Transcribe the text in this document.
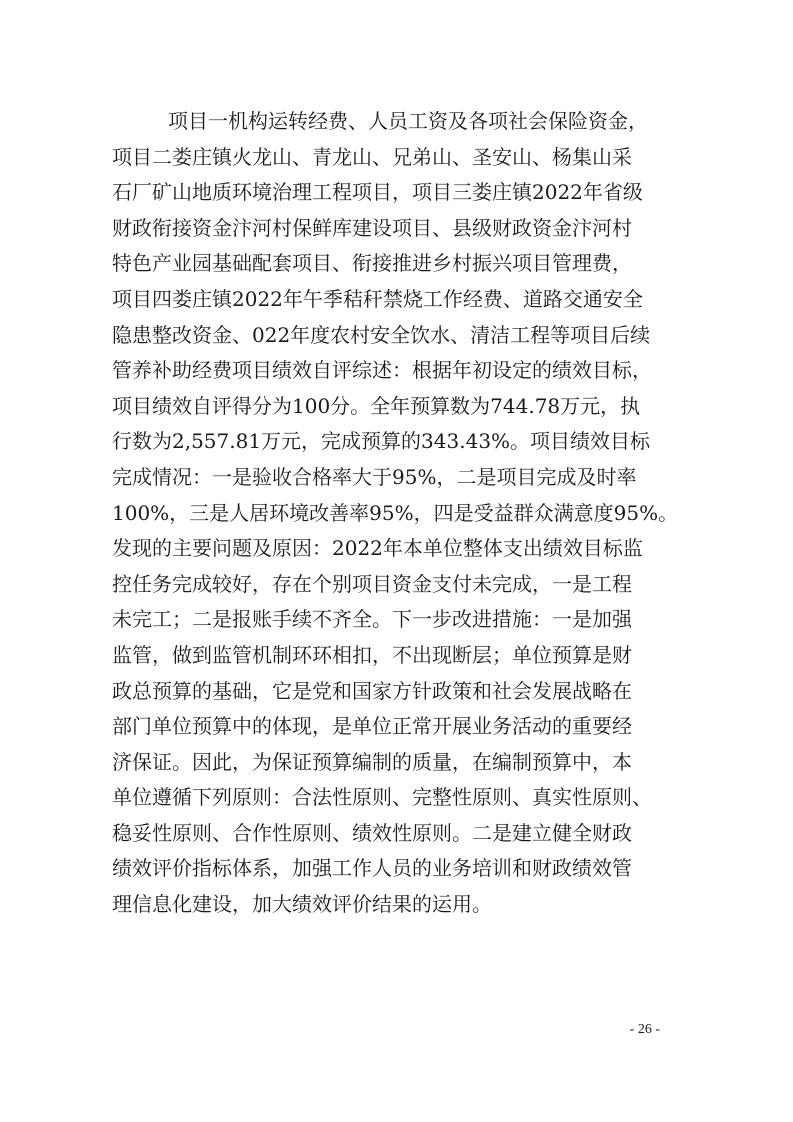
项目一机构运转经费、人员工资及各项社会保险资金，
项目二娄庄镇火龙山、青龙山、兄弟山、圣安山、杨集山采
石厂矿山地质环境治理工程项目，项目三娄庄镇2022年省级
财政衔接资金汴河村保鲜库建设项目、县级财政资金汴河村
特色产业园基础配套项目、衔接推进乡村振兴项目管理费，
项目四娄庄镇2022年午季秸秆禁烧工作经费、道路交通安全
隐患整改资金、022年度农村安全饮水、清洁工程等项目后续
管养补助经费项目绩效自评综述：根据年初设定的绩效目标，
项目绩效自评得分为100分。全年预算数为744.78万元，执
行数为2,557.81万元，完成预算的343.43%。项目绩效目标
完成情况：一是验收合格率大于95%，二是项目完成及时率
100%，三是人居环境改善率95%，四是受益群众满意度95%。
发现的主要问题及原因：2022年本单位整体支出绩效目标监
控任务完成较好，存在个别项目资金支付未完成，一是工程
未完工；二是报账手续不齐全。下一步改进措施：一是加强
监管，做到监管机制环环相扣，不出现断层；单位预算是财
政总预算的基础，它是党和国家方针政策和社会发展战略在
部门单位预算中的体现，是单位正常开展业务活动的重要经
济保证。因此，为保证预算编制的质量，在编制预算中，本
单位遵循下列原则：合法性原则、完整性原则、真实性原则、
稳妥性原则、合作性原则、绩效性原则。二是建立健全财政
绩效评价指标体系，加强工作人员的业务培训和财政绩效管
理信息化建设，加大绩效评价结果的运用。

- 26 -
